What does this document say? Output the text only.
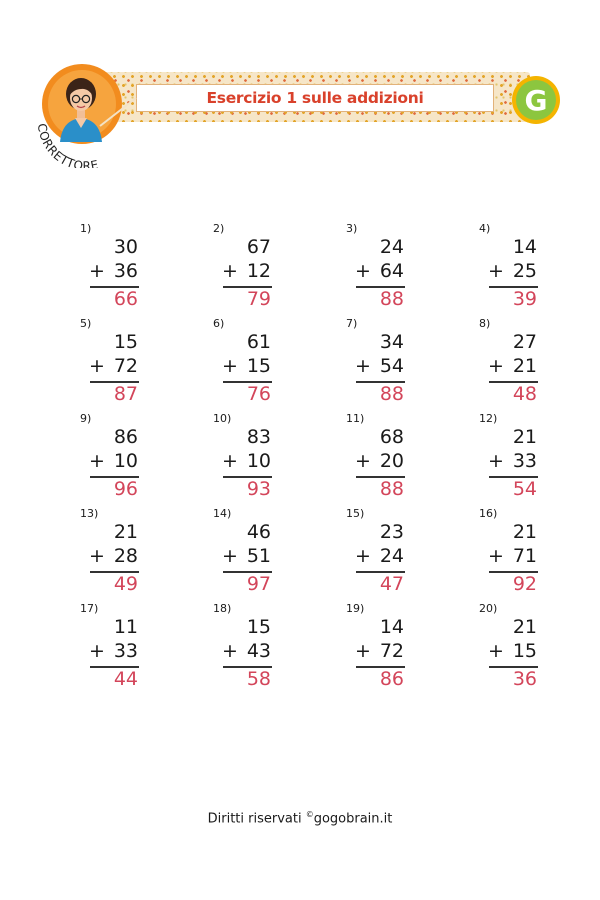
Esercizio 1 sulle addizioni
CORRETTORE
G
1)
30
+ 36
66
2)
67
+ 12
79
3)
24
+ 64
88
4)
14
+ 25
39
5)
15
+ 72
87
6)
61
+ 15
76
7)
34
+ 54
88
8)
27
+ 21
48
9)
86
+ 10
96
10)
83
+ 10
93
11)
68
+ 20
88
12)
21
+ 33
54
13)
21
+ 28
49
14)
46
+ 51
97
15)
23
+ 24
47
16)
21
+ 71
92
17)
11
+ 33
44
18)
15
+ 43
58
19)
14
+ 72
86
20)
21
+ 15
36
Diritti riservati ©gogobrain.it
